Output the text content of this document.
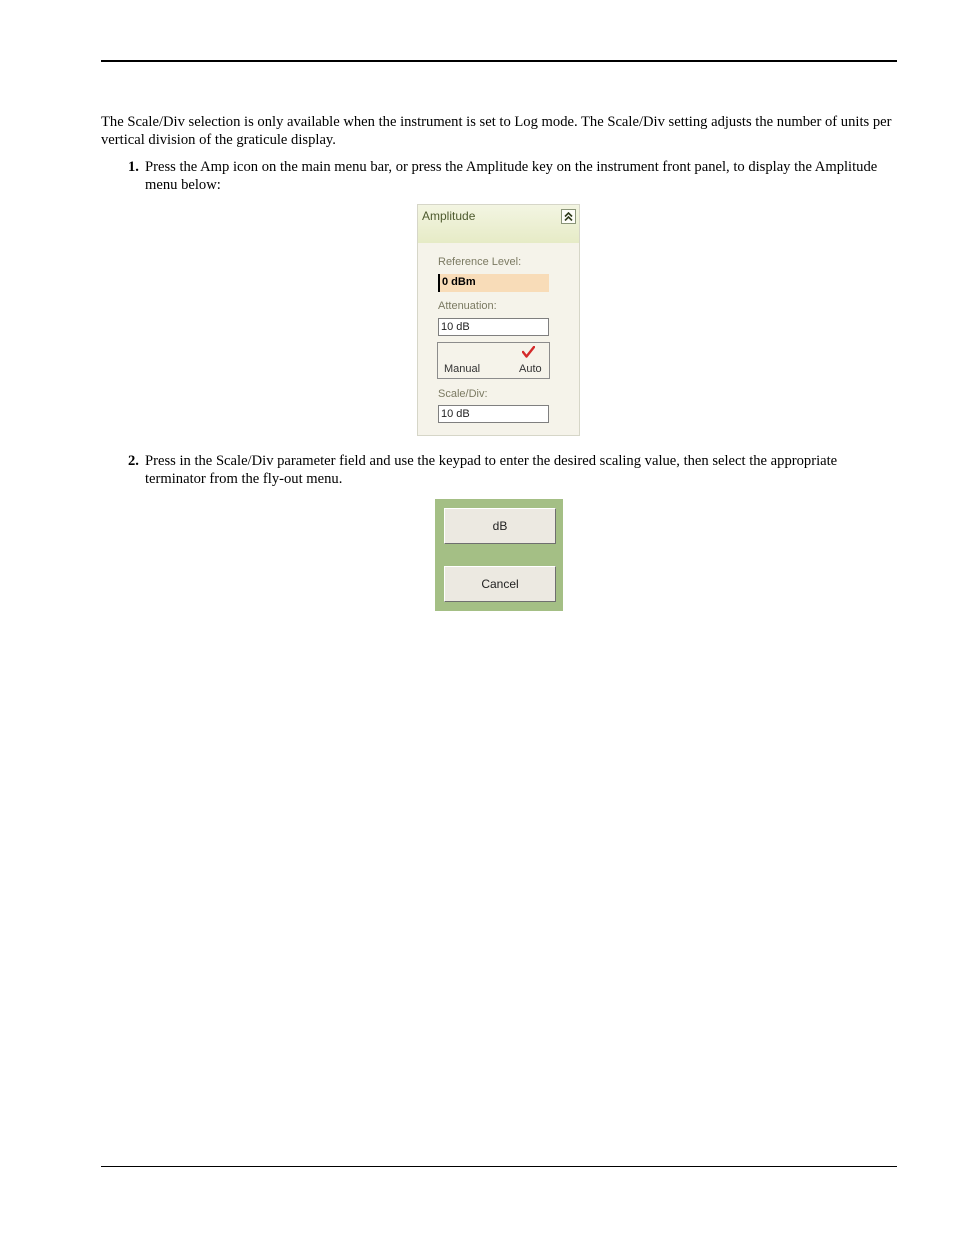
The Scale/Div selection is only available when the instrument is set to Log mode. The Scale/Div setting adjusts the number of units per vertical division of the graticule display.

1. Press the Amp icon on the main menu bar, or press the Amplitude key on the instrument front panel, to display the Amplitude menu below:
Amplitude
Reference Level:
0 dBm
Attenuation:
10 dB
Manual	Auto
Scale/Div:
10 dB
2. Press in the Scale/Div parameter field and use the keypad to enter the desired scaling value, then select the appropriate terminator from the fly-out menu.
dB
Cancel
